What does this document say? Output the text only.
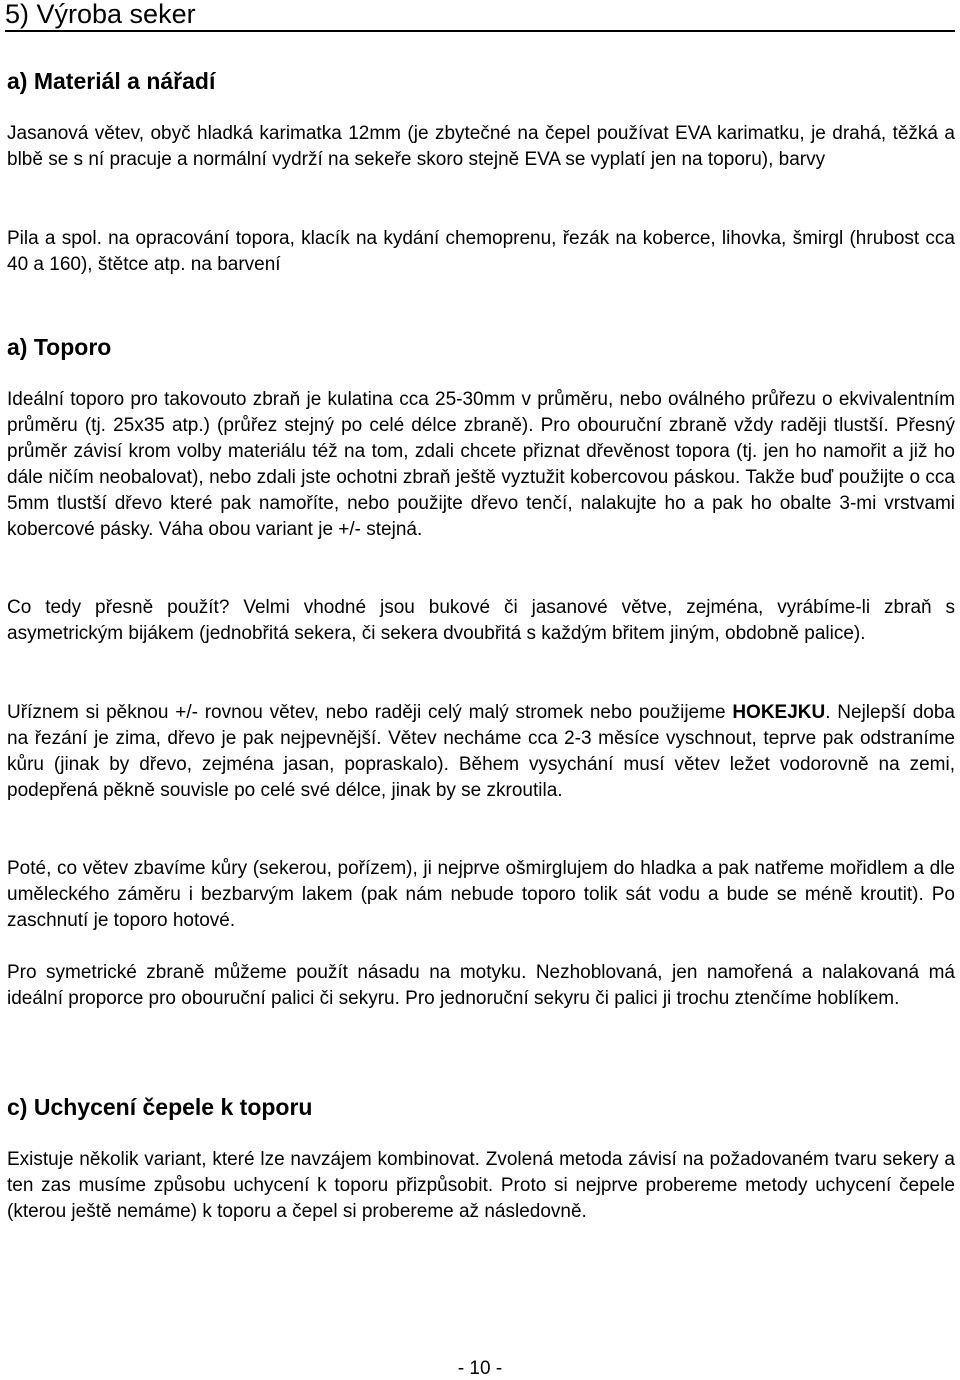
5) Výroba seker
a) Materiál a nářadí

Jasanová větev, obyč hladká karimatka 12mm (je zbytečné na čepel používat EVA karimatku, je drahá, těžká a blbě se s ní pracuje a normální vydrží na sekeře skoro stejně EVA se vyplatí jen na toporu), barvy

Pila a spol. na opracování topora, klacík na kydání chemoprenu, řezák na koberce, lihovka, šmirgl (hrubost cca 40 a 160), štětce atp. na barvení

a) Toporo

Ideální toporo pro takovouto zbraň je kulatina cca 25-30mm v průměru, nebo oválného průřezu o ekvivalentním průměru (tj. 25x35 atp.) (průřez stejný po celé délce zbraně). Pro obouruční zbraně vždy raději tlustší. Přesný průměr závisí krom volby materiálu též na tom, zdali chcete přiznat dřevěnost topora (tj. jen ho namořit a již ho dále ničím neobalovat), nebo zdali jste ochotni zbraň ještě vyztužit kobercovou páskou. Takže buď použijte o cca 5mm tlustší dřevo které pak namoříte, nebo použijte dřevo tenčí, nalakujte ho a pak ho obalte 3-mi vrstvami kobercové pásky. Váha obou variant je +/- stejná.

Co tedy přesně použít? Velmi vhodné jsou bukové či jasanové větve, zejména, vyrábíme-li zbraň s asymetrickým bijákem (jednobřitá sekera, či sekera dvoubřitá s každým břitem jiným, obdobně palice).

Uříznem si pěknou +/- rovnou větev, nebo raději celý malý stromek nebo použijeme HOKEJKU. Nejlepší doba na řezání je zima, dřevo je pak nejpevnější. Větev necháme cca 2-3 měsíce vyschnout, teprve pak odstraníme kůru (jinak by dřevo, zejména jasan, popraskalo). Během vysychání musí větev ležet vodorovně na zemi, podepřená pěkně souvisle po celé své délce, jinak by se zkroutila.

Poté, co větev zbavíme kůry (sekerou, pořízem), ji nejprve ošmirglujem do hladka a pak natřeme mořidlem a dle uměleckého záměru i bezbarvým lakem (pak nám nebude toporo tolik sát vodu a bude se méně kroutit). Po zaschnutí je toporo hotové.

Pro symetrické zbraně můžeme použít násadu na motyku. Nezhoblovaná, jen namořená a nalakovaná má ideální proporce pro obouruční palici či sekyru. Pro jednoruční sekyru či palici ji trochu ztenčíme hoblíkem.

c) Uchycení čepele k toporu

Existuje několik variant, které lze navzájem kombinovat. Zvolená metoda závisí na požadovaném tvaru sekery a ten zas musíme způsobu uchycení k toporu přizpůsobit. Proto si nejprve probereme metody uchycení čepele (kterou ještě nemáme) k toporu a čepel si probereme až následovně.

- 10 -
